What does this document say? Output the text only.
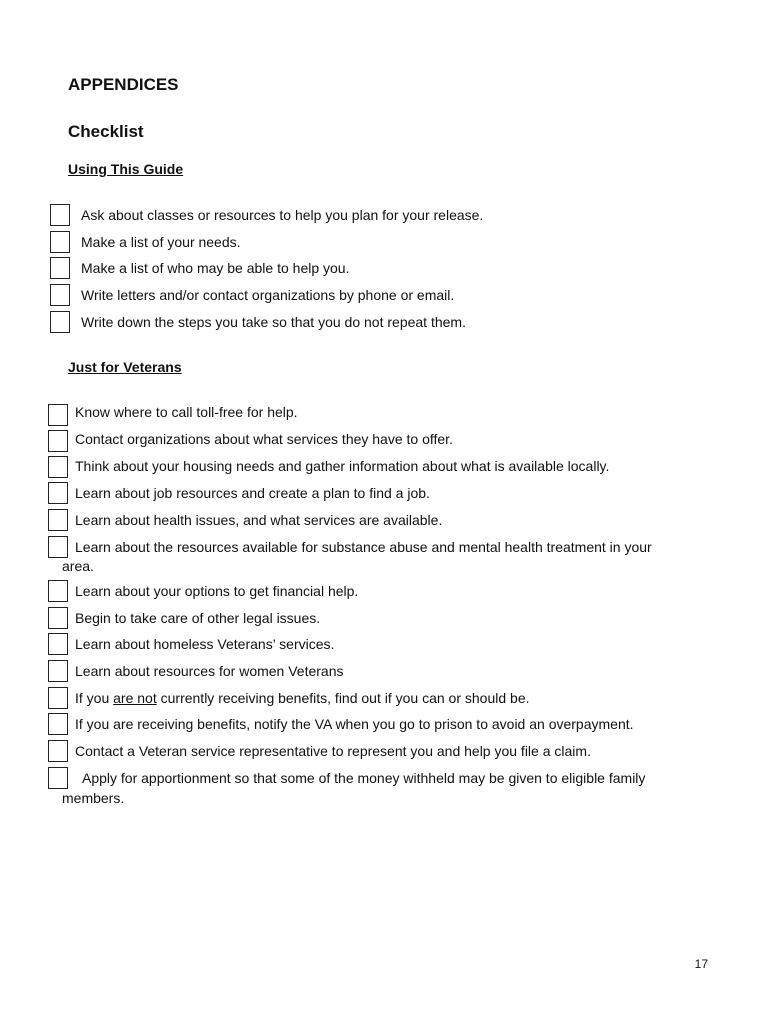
APPENDICES
Checklist
Using This Guide
Ask about classes or resources to help you plan for your release.
Make a list of your needs.
Make a list of who may be able to help you.
Write letters and/or contact organizations by phone or email.
Write down the steps you take so that you do not repeat them.
Just for Veterans
Know where to call toll-free for help.
Contact organizations about what services they have to offer.
Think about your housing needs and gather information about what is available locally.
Learn about job resources and create a plan to find a job.
Learn about health issues, and what services are available.
Learn about the resources available for substance abuse and mental health treatment in your
area.
Learn about your options to get financial help.
Begin to take care of other legal issues.
Learn about homeless Veterans’ services.
Learn about resources for women Veterans
If you are not currently receiving benefits, find out if you can or should be.
If you are receiving benefits, notify the VA when you go to prison to avoid an overpayment.
Contact a Veteran service representative to represent you and help you file a claim.
Apply for apportionment so that some of the money withheld may be given to eligible family
members.
17
